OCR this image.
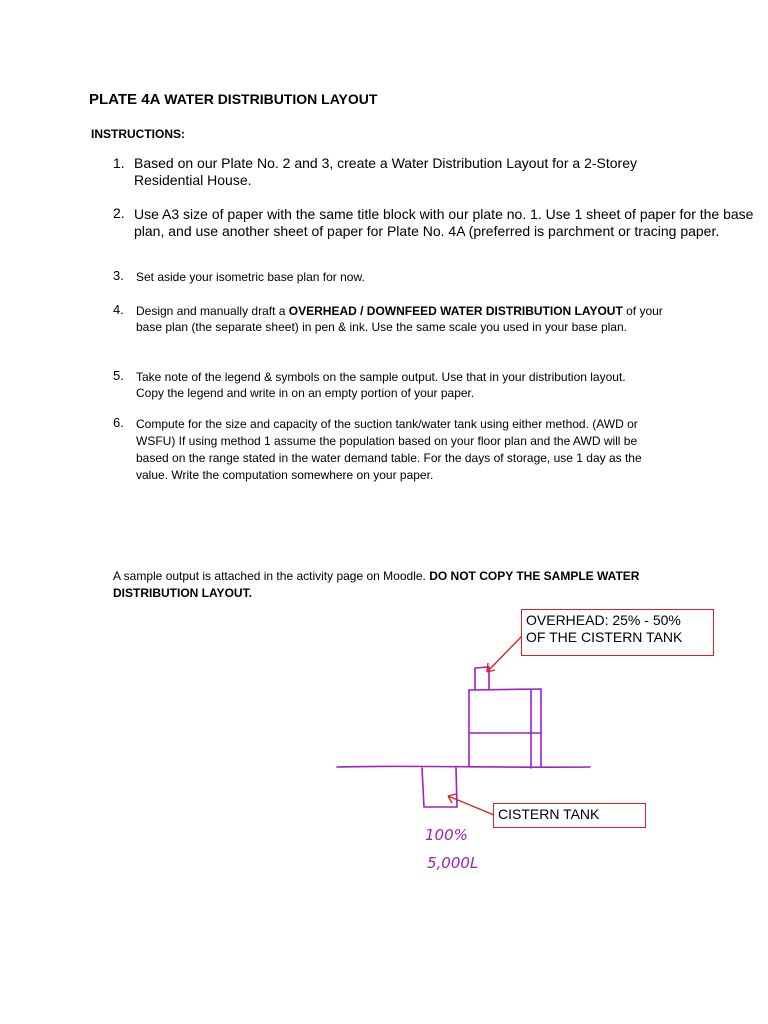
PLATE 4A WATER DISTRIBUTION LAYOUT
INSTRUCTIONS:
1. Based on our Plate No. 2 and 3, create a Water Distribution Layout for a 2-Storey
Residential House.
2. Use A3 size of paper with the same title block with our plate no. 1. Use 1 sheet of paper for the base
plan, and use another sheet of paper for Plate No. 4A (preferred is parchment or tracing paper.
3. Set aside your isometric base plan for now.
4. Design and manually draft a OVERHEAD / DOWNFEED WATER DISTRIBUTION LAYOUT of your
base plan (the separate sheet) in pen & ink. Use the same scale you used in your base plan.
5. Take note of the legend & symbols on the sample output. Use that in your distribution layout.
Copy the legend and write in on an empty portion of your paper.
6. Compute for the size and capacity of the suction tank/water tank using either method. (AWD or
WSFU) If using method 1 assume the population based on your floor plan and the AWD will be
based on the range stated in the water demand table. For the days of storage, use 1 day as the
value. Write the computation somewhere on your paper.
A sample output is attached in the activity page on Moodle. DO NOT COPY THE SAMPLE WATER
DISTRIBUTION LAYOUT.
100%
5,000L
OVERHEAD: 25% - 50%
OF THE CISTERN TANK
CISTERN TANK
